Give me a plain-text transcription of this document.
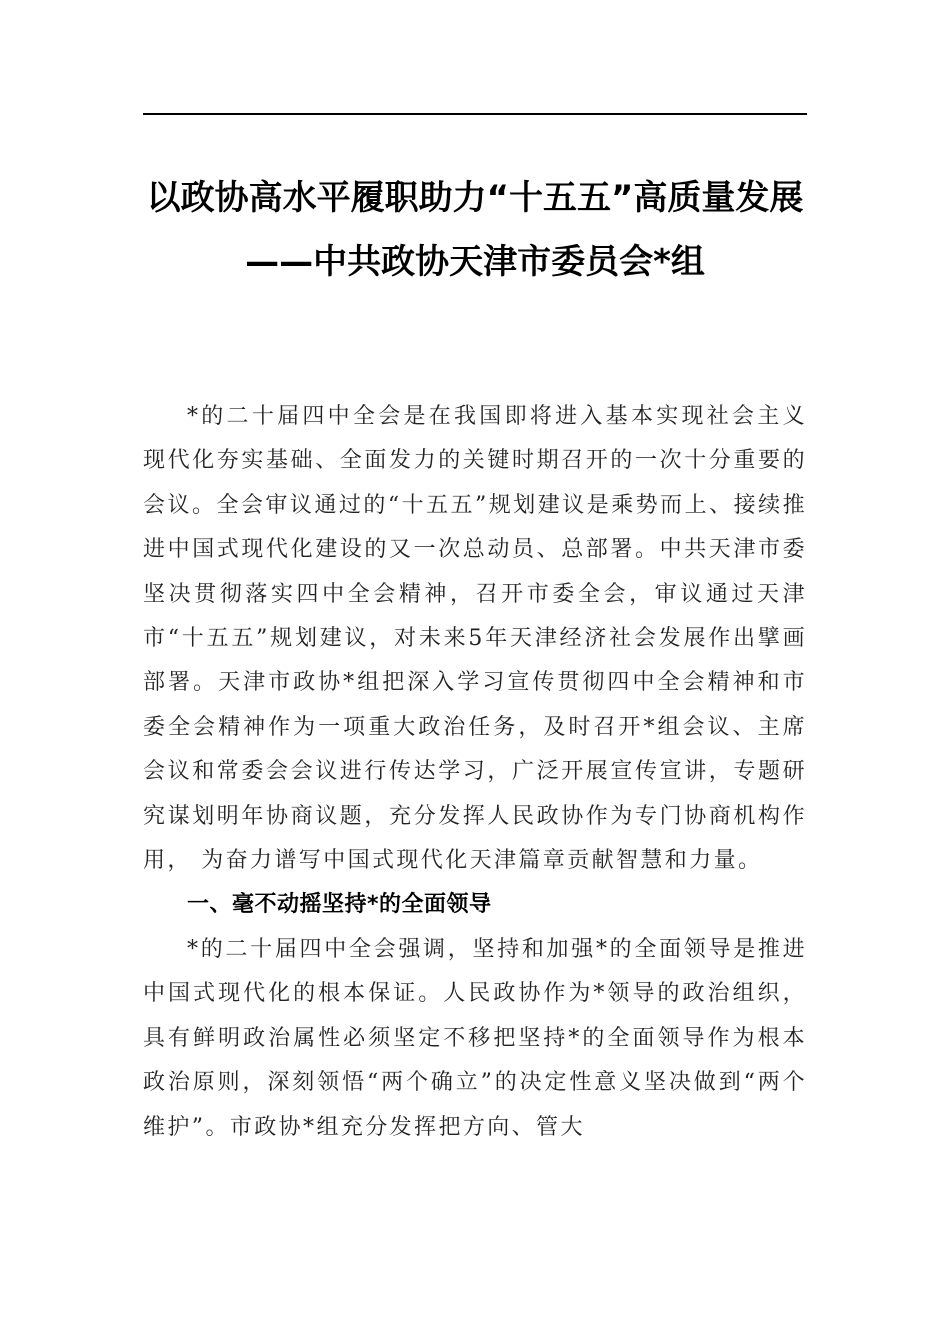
以政协高水平履职助力“十五五”高质量发展——中共政协天津市委员会*组

*的二十届四中全会是在我国即将进入基本实现社会主义现代化夯实基础、全面发力的关键时期召开的一次十分重要的会议。全会审议通过的“十五五”规划建议是乘势而上、接续推进中国式现代化建设的又一次总动员、总部署。中共天津市委坚决贯彻落实四中全会精神，召开市委全会，审议通过天津市“十五五”规划建议，对未来5年天津经济社会发展作出擘画部署。天津市政协*组把深入学习宣传贯彻四中全会精神和市委全会精神作为一项重大政治任务，及时召开*组会议、主席会议和常委会会议进行传达学习，广泛开展宣传宣讲，专题研究谋划明年协商议题，充分发挥人民政协作为专门协商机构作用， 为奋力谱写中国式现代化天津篇章贡献智慧和力量。

一、毫不动摇坚持*的全面领导

*的二十届四中全会强调，坚持和加强*的全面领导是推进中国式现代化的根本保证。人民政协作为*领导的政治组织，具有鲜明政治属性必须坚定不移把坚持*的全面领导作为根本政治原则，深刻领悟“两个确立”的决定性意义坚决做到“两个维护”。市政协*组充分发挥把方向、管大
